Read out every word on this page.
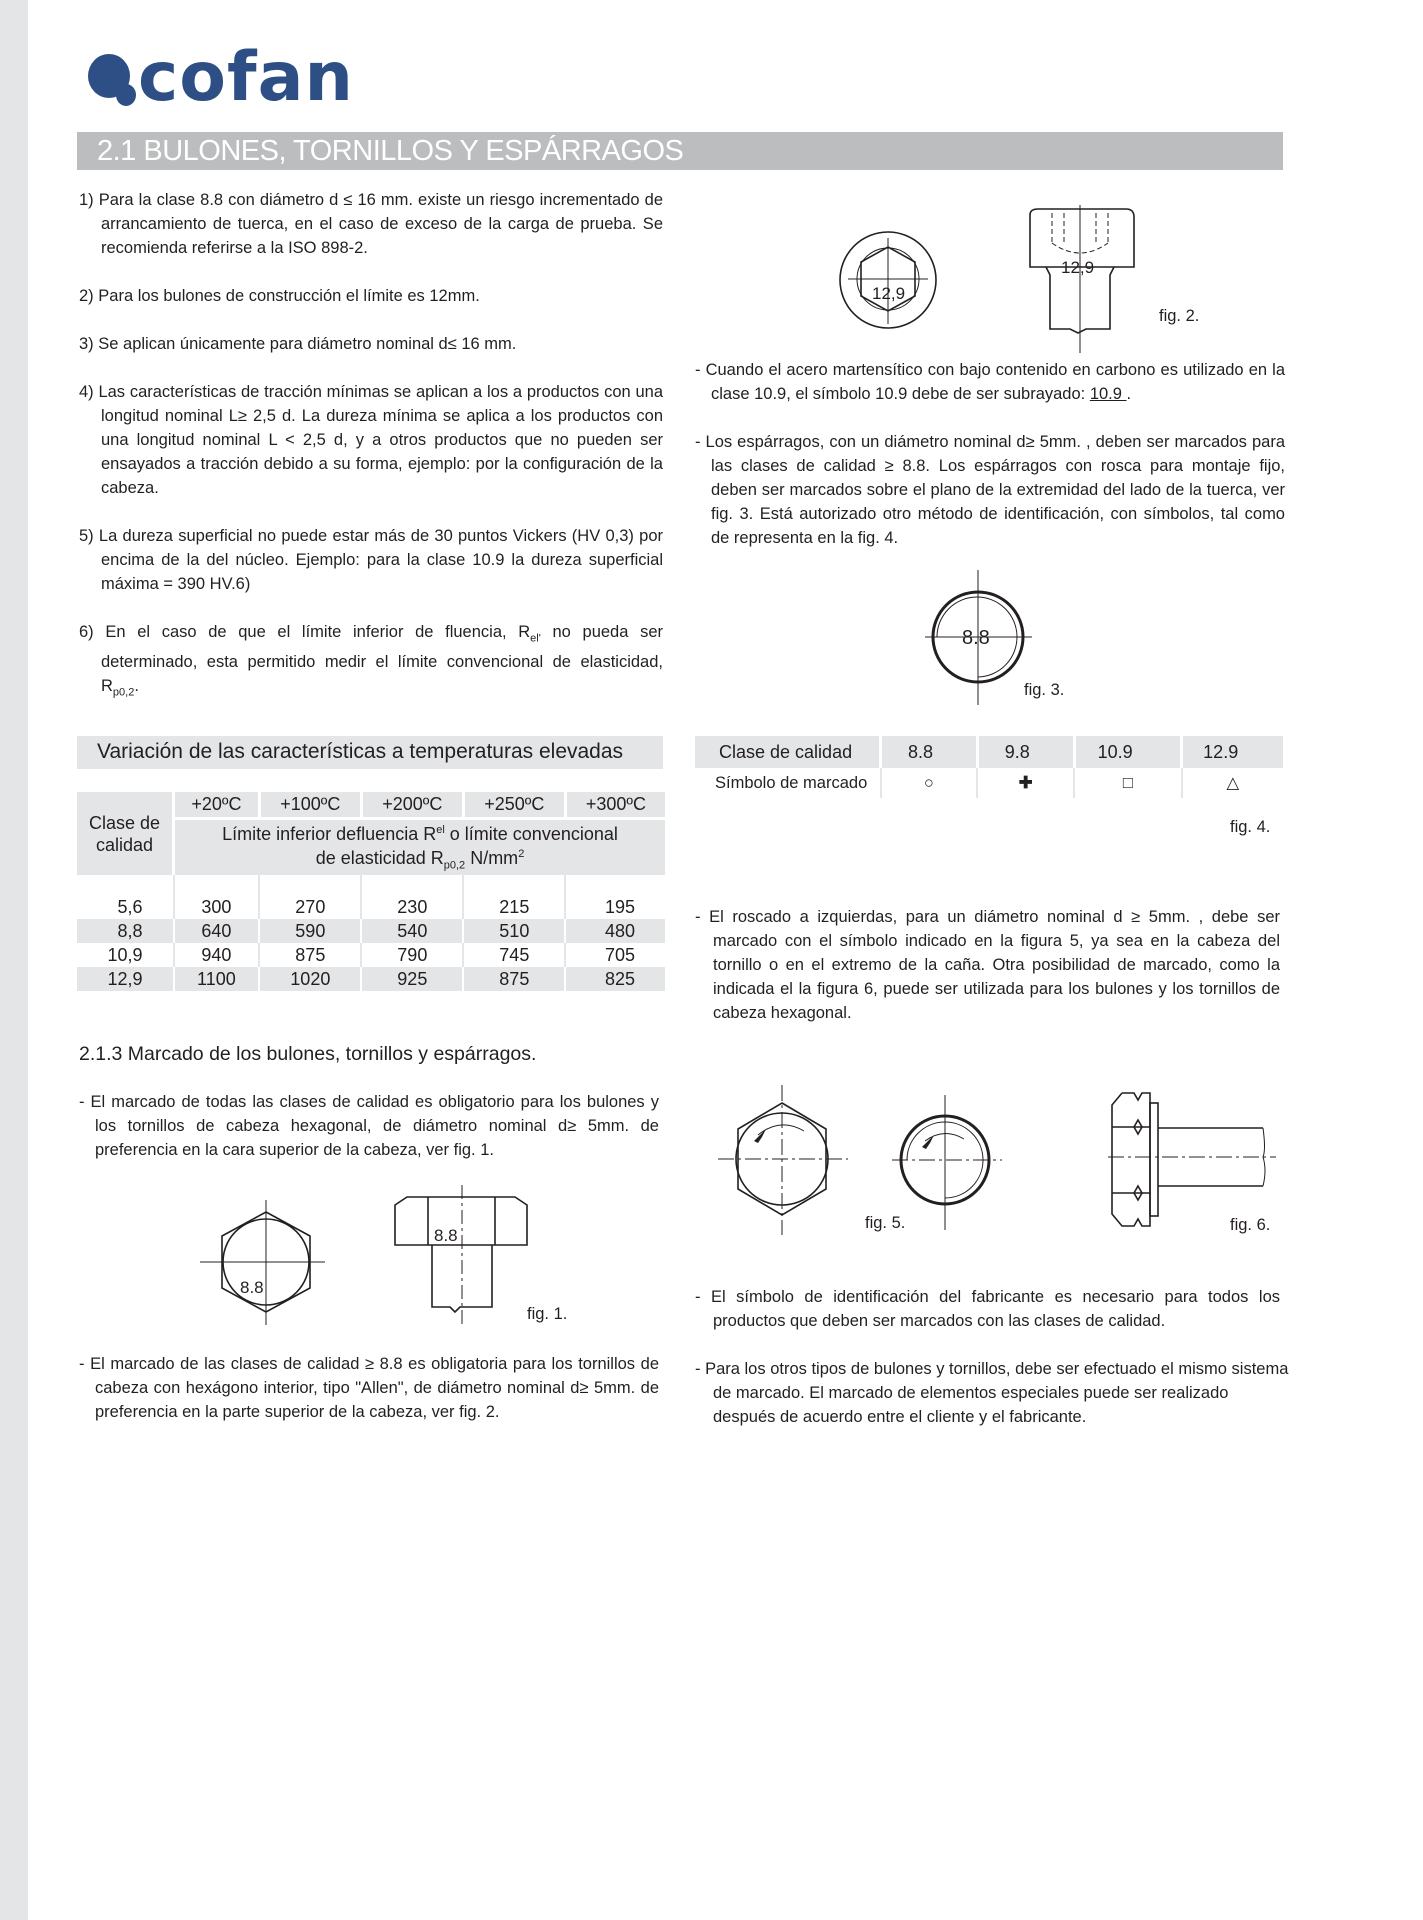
cofan
2.1 BULONES, TORNILLOS Y ESPÁRRAGOS

1) Para la clase 8.8 con diámetro d ≤ 16 mm. existe un riesgo incrementado de arrancamiento de tuerca, en el caso de exceso de la carga de prueba. Se recomienda referirse a la ISO 898-2.

2) Para los bulones de construcción el límite es 12mm.

3) Se aplican únicamente para diámetro nominal d≤ 16 mm.

4) Las características de tracción mínimas se aplican a los a productos con una longitud nominal L≥ 2,5 d. La dureza mínima se aplica a los productos con una longitud nominal L < 2,5 d, y a otros productos que no pueden ser ensayados a tracción debido a su forma, ejemplo: por la configuración de la cabeza.

5) La dureza superficial no puede estar más de 30 puntos Vickers (HV 0,3) por encima de la del núcleo. Ejemplo: para la clase 10.9 la dureza superficial máxima = 390 HV.6)

6) En el caso de que el límite inferior de fluencia, $R_{el'}$ no pueda ser determinado, esta permitido medir el límite convencional de elasticidad, $R_{p0,2}$.

Variación de las características a temperaturas elevadas
Clase de calidad	+20ºC	+100ºC	+200ºC	+250ºC	+300ºC
	Límite inferior defluencia $R^{el}$ o límite convencional
de elasticidad $R_{p0,2}$ $N/mm^2$

5,6	300	270	230	215	195
8,8	640	590	540	510	480
10,9	940	875	790	745	705
12,9	1100	1020	925	875	825
2.1.3 Marcado de los bulones, tornillos y espárragos.

- El marcado de todas las clases de calidad es obligatorio para los bulones y los tornillos de cabeza hexagonal, de diámetro nominal d≥ 5mm. de preferencia en la cara superior de la cabeza, ver fig. 1.

8.8
8.8
fig. 1.

- El marcado de las clases de calidad ≥ 8.8 es obligatoria para los tornillos de cabeza con hexágono interior, tipo "Allen", de diámetro nominal d≥ 5mm. de preferencia en la parte superior de la cabeza, ver fig. 2.

12,9
12,9
fig. 2.

- Cuando el acero martensítico con bajo contenido en carbono es utilizado en la clase 10.9, el símbolo 10.9 debe de ser subrayado: 10.9 .

- Los espárragos, con un diámetro nominal d≥ 5mm. , deben ser marcados para las clases de calidad ≥ 8.8. Los espárragos con rosca para montaje fijo, deben ser marcados sobre el plano de la extremidad del lado de la tuerca, ver fig. 3. Está autorizado otro método de identificación, con símbolos, tal como de representa en la fig. 4.

8.8
fig. 3.
Clase de calidad	8.8	9.8	10.9	12.9
Símbolo de marcado	○	✚	□	△
fig. 4.

- El roscado a izquierdas, para un diámetro nominal d ≥ 5mm. , debe ser marcado con el símbolo indicado en la figura 5, ya sea en la cabeza del tornillo o en el extremo de la caña. Otra posibilidad de marcado, como la indicada el la figura 6, puede ser utilizada para los bulones y los tornillos de cabeza hexagonal.

fig. 5.	fig. 6.

- El símbolo de identificación del fabricante es necesario para todos los productos que deben ser marcados con las clases de calidad.

- Para los otros tipos de bulones y tornillos, debe ser efectuado el mismo sistema de marcado. El marcado de elementos especiales puede ser realizado después de acuerdo entre el cliente y el fabricante.
